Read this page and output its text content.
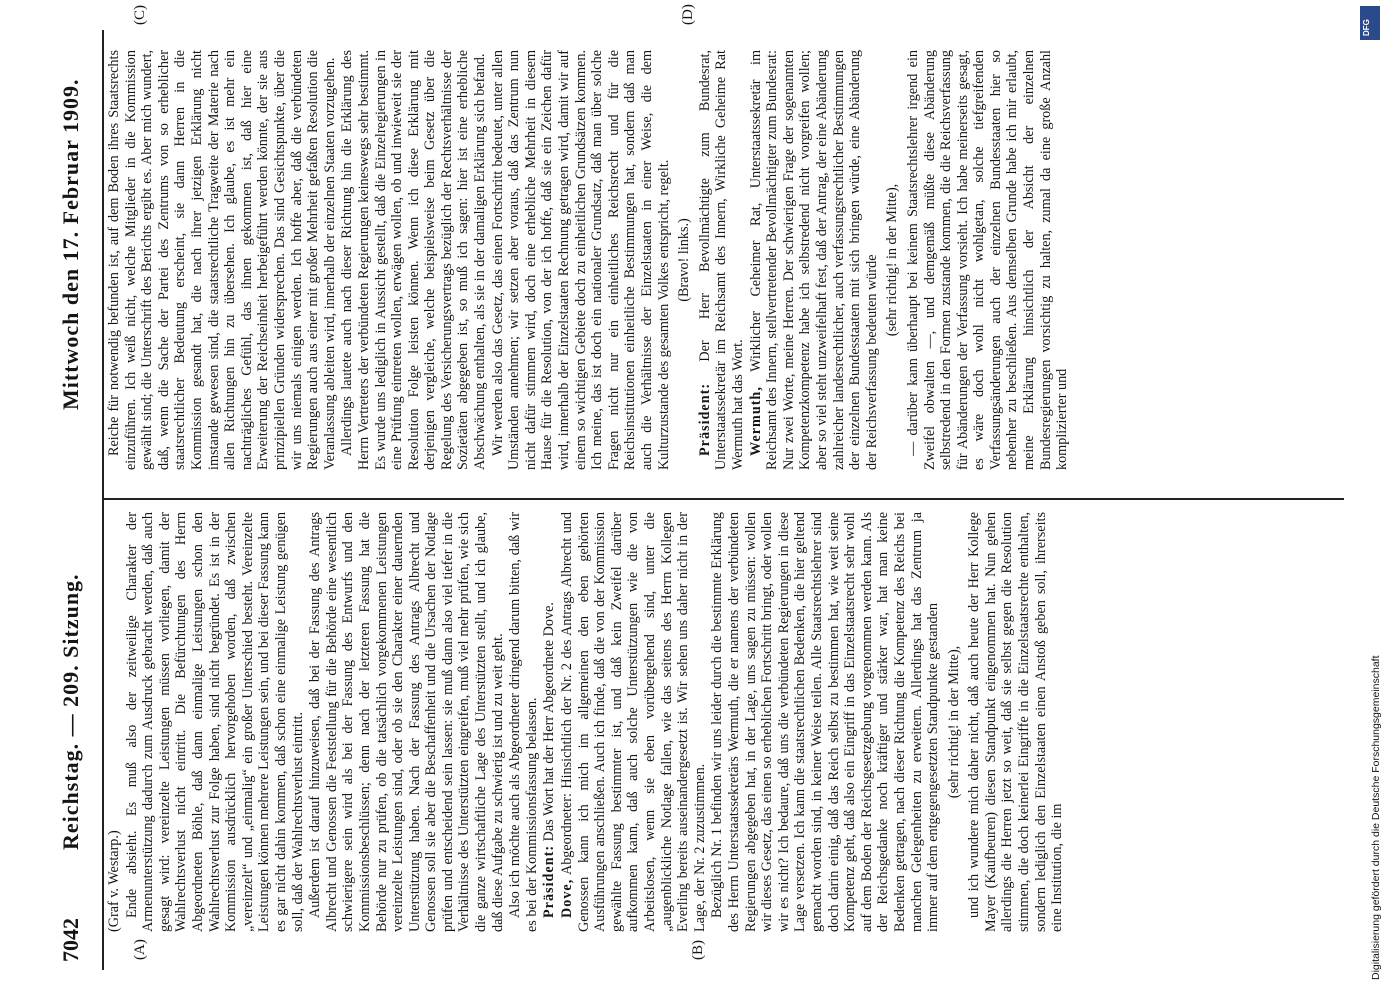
7042
Reichstag. — 209. Sitzung.
Mittwoch den 17. Februar 1909.
(A)	(B)
(C)	(D)

(Graf v. Westarp.) Ende absieht. Es muß also der zeitweilige Charakter der Armenunterstützung dadurch zum Ausdruck gebracht werden, daß auch gesagt wird: vereinzelte Leistungen müssen vorliegen, damit der Wahlrechtsverlust nicht eintritt. Die Befürchtungen des Herrn Abgeordneten Böhle, daß dann einmalige Leistungen schon den Wahlrechtsverlust zur Folge haben, sind nicht begründet. Es ist in der Kommission ausdrücklich hervorgehoben worden, daß zwischen „vereinzelt“ und „einmalig“ ein großer Unterschied besteht. Vereinzelte Leistungen können mehrere Leistungen sein, und bei dieser Fassung kann es gar nicht dahin kommen, daß schon eine einmalige Leistung genügen soll, daß der Wahlrechtsverlust eintritt. Außerdem ist darauf hinzuweisen, daß bei der Fassung des Antrags Albrecht und Genossen die Feststellung für die Behörde eine wesentlich schwierigere sein wird als bei der Fassung des Entwurfs und den Kommissionsbeschlüssen; denn nach der letzteren Fassung hat die Behörde nur zu prüfen, ob die tatsächlich vorgekommenen Leistungen vereinzelte Leistungen sind, oder ob sie den Charakter einer dauernden Unterstützung haben. Nach der Fassung des Antrags Albrecht und Genossen soll sie aber die Beschaffenheit und die Ursachen der Notlage prüfen und entscheidend sein lassen: sie muß dann also viel tiefer in die Verhältnisse des Unterstützten eingreifen, muß viel mehr prüfen, wie sich die ganze wirtschaftliche Lage des Unterstützten stellt, und ich glaube, daß diese Aufgabe zu schwierig ist und zu weit geht. Also ich möchte auch als Abgeordneter dringend darum bitten, daß wir es bei der Kommissionsfassung belassen. Präsident: Das Wort hat der Herr Abgeordnete Dove.

Dove, Abgeordneter: Hinsichtlich der Nr. 2 des Antrags Albrecht und Genossen kann ich mich im allgemeinen den eben gehörten Ausführungen anschließen. Auch ich finde, daß die von der Kommission gewählte Fassung bestimmter ist, und daß kein Zweifel darüber aufkommen kann, daß auch solche Unterstützungen wie die von Arbeitslosen, wenn sie eben vorübergehend sind, unter die „augenblickliche Notlage fallen, wie das seitens des Herrn Kollegen Everling bereits auseinandergesetzt ist. Wir sehen uns daher nicht in der Lage, der Nr. 2 zuzustimmen. Bezüglich Nr. 1 befinden wir uns leider durch die bestimmte Erklärung des Herrn Unterstaatssekretärs Wermuth, die er namens der verbündeten Regierungen abgegeben hat, in der Lage, uns sagen zu müssen: wollen wir dieses Gesetz, das einen so erheblichen Fortschritt bringt, oder wollen wir es nicht? Ich bedaure, daß uns die verbündeten Regierungen in diese Lage versetzen. Ich kann die staatsrechtlichen Bedenken, die hier geltend gemacht worden sind, in keiner Weise teilen. Alle Staatsrechtslehrer sind doch darin einig, daß das Reich selbst zu bestimmen hat, wie weit seine Kompetenz geht, daß also ein Eingriff in das Einzelstaatsrecht sehr wohl auf dem Boden der Reichsgesetzgebung vorgenommen werden kann. Als der Reichsgedanke noch kräftiger und stärker war, hat man keine Bedenken getragen, nach dieser Richtung die Kompetenz des Reichs bei manchen Gelegenheiten zu erweitern. Allerdings hat das Zentrum ja immer auf dem entgegengesetzten Standpunkte gestanden (sehr richtig! in der Mitte), und ich wundere mich daher nicht, daß auch heute der Herr Kollege Mayer (Kaufbeuren) diesen Standpunkt eingenommen hat. Nun gehen allerdings die Herren jetzt so weit, daß sie selbst gegen die Resolution stimmen, die doch keinerlei Eingriffe in die Einzelstaatsrechte enthalten, sondern lediglich den Einzelstaaten einen Anstoß geben soll, ihrerseits eine Institution, die im

Reiche für notwendig befunden ist, auf dem Boden ihres Staatsrechts einzuführen. Ich weiß nicht, welche Mitglieder in die Kommission gewählt sind; die Unterschrift des Berichts ergibt es. Aber mich wundert, daß, wenn die Sache der Partei des Zentrums von so erheblicher staatsrechtlicher Bedeutung erscheint, sie dann Herren in die Kommission gesandt hat, die nach ihrer jetzigen Erklärung nicht imstande gewesen sind, die staatsrechtliche Tragweite der Materie nach allen Richtungen hin zu übersehen. Ich glaube, es ist mehr ein nachträgliches Gefühl, das ihnen gekommen ist, daß hier eine Erweiterung der Reichseinheit herbeigeführt werden könnte, der sie aus prinzipiellen Gründen widersprechen. Das sind Gesichtspunkte, über die wir uns niemals einigen werden. Ich hoffe aber, daß die verbündeten Regierungen auch aus einer mit großer Mehrheit gefaßten Resolution die Veranlassung ableiten wird, innerhalb der einzelnen Staaten vorzugehen. Allerdings lautete auch nach dieser Richtung hin die Erklärung des Herrn Vertreters der verbündeten Regierungen keineswegs sehr bestimmt. Es wurde uns lediglich in Aussicht gestellt, daß die Einzelregierungen in eine Prüfung eintreten wollen, erwägen wollen, ob und inwieweit sie der Resolution Folge leisten können. Wenn ich diese Erklärung mit derjenigen vergleiche, welche beispielsweise beim Gesetz über die Regelung des Versicherungsvertrags bezüglich der Rechtsverhältnisse der Sozietäten abgegeben ist, so muß ich sagen: hier ist eine erhebliche Abschwächung enthalten, als sie in der damaligen Erklärung sich befand. Wir werden also das Gesetz, das einen Fortschritt bedeutet, unter allen Umständen annehmen; wir setzen aber voraus, daß das Zentrum nun nicht dafür stimmen wird, doch eine erhebliche Mehrheit in diesem Hause für die Resolution, von der ich hoffe, daß sie ein Zeichen dafür wird, innerhalb der Einzelstaaten Rechnung getragen wird, damit wir auf einem so wichtigen Gebiete doch zu einheitlichen Grundsätzen kommen. Ich meine, das ist doch ein nationaler Grundsatz, daß man über solche Fragen nicht nur ein einheitliches Reichsrecht und für die Reichsinstitutionen einheitliche Bestimmungen hat, sondern daß man auch die Verhältnisse der Einzelstaaten in einer Weise, die dem Kulturzustande des gesamten Volkes entspricht, regelt. (Bravo! links.)

Präsident: Der Herr Bevollmächtigte zum Bundesrat, Unterstaatssekretär im Reichsamt des Innern, Wirkliche Geheime Rat Wermuth hat das Wort. Wermuth, Wirklicher Geheimer Rat, Unterstaatssekretär im Reichsamt des Innern, stellvertretender Bevollmächtigter zum Bundesrat: Nur zwei Worte, meine Herren. Der schwierigen Frage der sogenannten Kompetenzkompetenz habe ich selbstredend nicht vorgreifen wollen; aber so viel steht unzweifelhaft fest, daß der Antrag, der eine Abänderung zahlreicher landesrechtlicher, auch verfassungsrechtlicher Bestimmungen der einzelnen Bundesstaaten mit sich bringen würde, eine Abänderung der Reichsverfassung bedeuten würde (sehr richtig! in der Mitte), — darüber kann überhaupt bei keinem Staatsrechtslehrer irgend ein Zweifel obwalten —, und demgemäß müßte diese Abänderung selbstredend in den Formen zustande kommen, die die Reichsverfassung für Abänderungen der Verfassung vorsieht. Ich habe meinerseits gesagt, es wäre doch wohl nicht wohlgetan, solche tiefgreifenden Verfassungsänderungen auch der einzelnen Bundesstaaten hier so nebenher zu beschließen. Aus demselben Grunde habe ich mir erlaubt, meine Erklärung hinsichtlich der Absicht der einzelnen Bundesregierungen vorsichtig zu halten, zumal da eine große Anzahl komplizierter und

DFG
Digitalisierung gefördert durch die Deutsche Forschungsgemeinschaft
